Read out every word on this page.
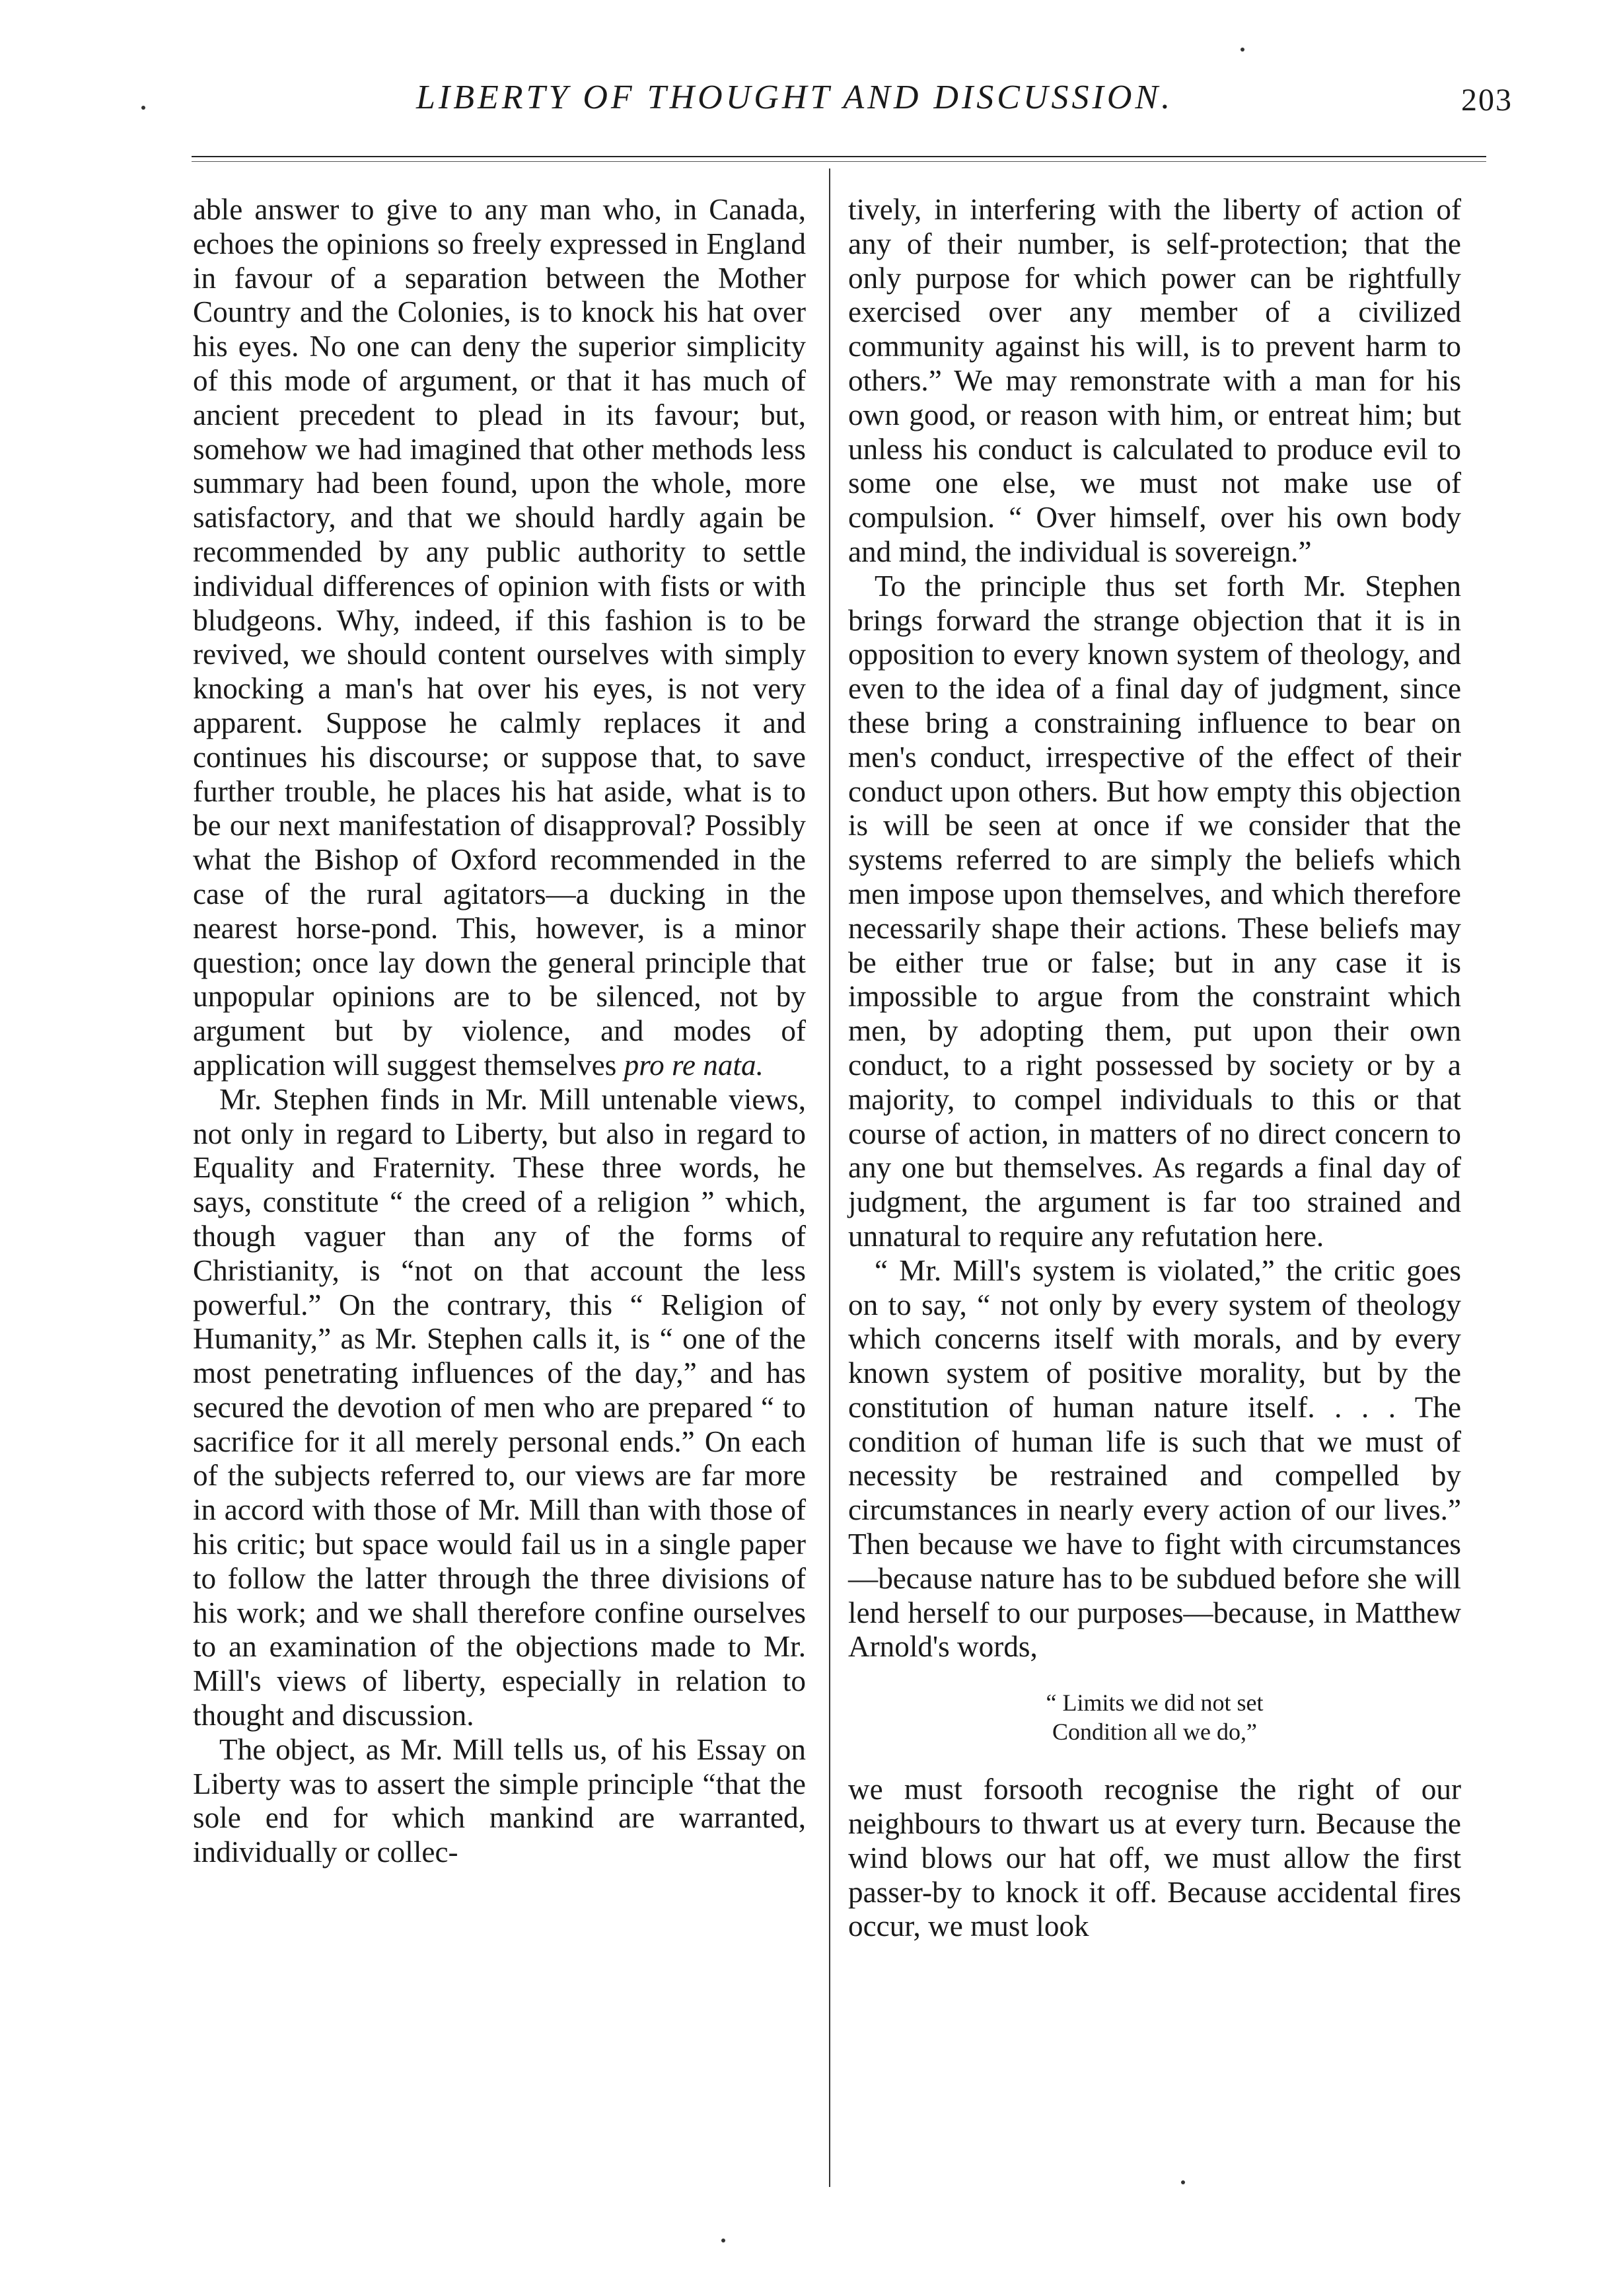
LIBERTY OF THOUGHT AND DISCUSSION.	203

able answer to give to any man who, in Canada, echoes the opinions so freely expressed in England in favour of a separation between the Mother Country and the Colonies, is to knock his hat over his eyes. No one can deny the superior simplicity of this mode of argument, or that it has much of ancient precedent to plead in its favour; but, somehow we had imagined that other methods less summary had been found, upon the whole, more satisfactory, and that we should hardly again be recommended by any public authority to settle individual differences of opinion with fists or with bludgeons. Why, indeed, if this fashion is to be revived, we should content ourselves with simply knocking a man's hat over his eyes, is not very apparent. Suppose he calmly replaces it and continues his discourse; or suppose that, to save further trouble, he places his hat aside, what is to be our next manifestation of disapproval? Possibly what the Bishop of Oxford recommended in the case of the rural agitators—a ducking in the nearest horse-pond. This, however, is a minor question; once lay down the general principle that unpopular opinions are to be silenced, not by argument but by violence, and modes of application will suggest themselves pro re nata.

Mr. Stephen finds in Mr. Mill untenable views, not only in regard to Liberty, but also in regard to Equality and Fraternity. These three words, he says, constitute “ the creed of a religion ” which, though vaguer than any of the forms of Christianity, is “not on that account the less powerful.” On the contrary, this “ Religion of Humanity,” as Mr. Stephen calls it, is “ one of the most penetrating influences of the day,” and has secured the devotion of men who are prepared “ to sacrifice for it all merely personal ends.” On each of the subjects referred to, our views are far more in accord with those of Mr. Mill than with those of his critic; but space would fail us in a single paper to follow the latter through the three divisions of his work; and we shall therefore confine ourselves to an examination of the objections made to Mr. Mill's views of liberty, especially in relation to thought and discussion.

The object, as Mr. Mill tells us, of his Essay on Liberty was to assert the simple principle “that the sole end for which mankind are warranted, individually or collec-

tively, in interfering with the liberty of action of any of their number, is self-protection; that the only purpose for which power can be rightfully exercised over any member of a civilized community against his will, is to prevent harm to others.” We may remonstrate with a man for his own good, or reason with him, or entreat him; but unless his conduct is calculated to produce evil to some one else, we must not make use of compulsion. “ Over himself, over his own body and mind, the individual is sovereign.”

To the principle thus set forth Mr. Stephen brings forward the strange objection that it is in opposition to every known system of theology, and even to the idea of a final day of judgment, since these bring a constraining influence to bear on men's conduct, irrespective of the effect of their conduct upon others. But how empty this objection is will be seen at once if we consider that the systems referred to are simply the beliefs which men impose upon themselves, and which therefore necessarily shape their actions. These beliefs may be either true or false; but in any case it is impossible to argue from the constraint which men, by adopting them, put upon their own conduct, to a right possessed by society or by a majority, to compel individuals to this or that course of action, in matters of no direct concern to any one but themselves. As regards a final day of judgment, the argument is far too strained and unnatural to require any refutation here.

“ Mr. Mill's system is violated,” the critic goes on to say, “ not only by every system of theology which concerns itself with morals, and by every known system of positive morality, but by the constitution of human nature itself. . . . The condition of human life is such that we must of necessity be restrained and compelled by circumstances in nearly every action of our lives.” Then because we have to fight with circumstances—because nature has to be subdued before she will lend herself to our purposes—because, in Matthew Arnold's words,

“ Limits we did not set
Condition all we do,”

we must forsooth recognise the right of our neighbours to thwart us at every turn. Because the wind blows our hat off, we must allow the first passer-by to knock it off. Because accidental fires occur, we must look
